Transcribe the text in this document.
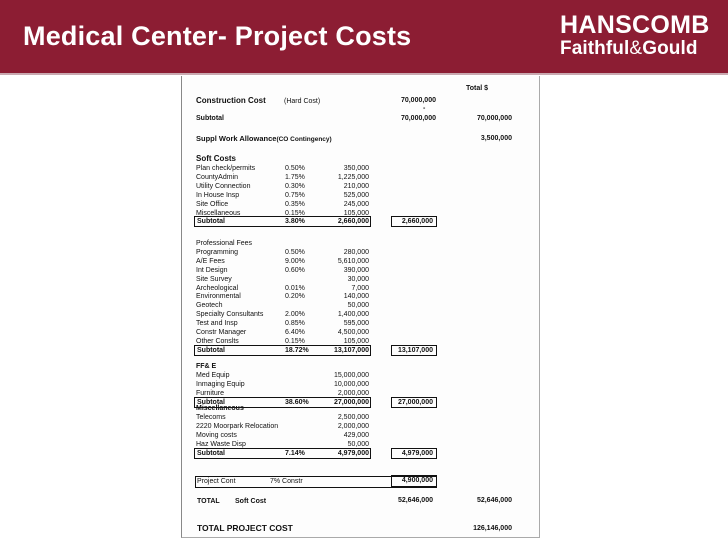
Medical Center- Project Costs	HANSCOMB
Faithful&Gould
Total $
Construction Cost	(Hard Cost)	70,000,000
-
Subtotal	70,000,000	70,000,000
Suppl Work Allowance(CO Contingency)	3,500,000
Soft Costs
Plan check/permits	0.50%	350,000
CountyAdmin	1.75%	1,225,000
Utility Connection	0.30%	210,000
In House Insp	0.75%	525,000
Site Office	0.35%	245,000
Miscellaneous	0.15%	105,000
Subtotal	3.80%	2,660,000	2,660,000
Professional Fees
Programming	0.50%	280,000
A/E Fees	9.00%	5,610,000
Int Design	0.60%	390,000
Site Survey	30,000
Archeological	0.01%	7,000
Environmental	0.20%	140,000
Geotech	50,000
Specialty Consultants	2.00%	1,400,000
Test and Insp	0.85%	595,000
Constr Manager	6.40%	4,500,000
Other Conslts	0.15%	105,000
Subtotal	18.72%	13,107,000	13,107,000
FF& E
Med Equip	15,000,000
Inmaging Equip	10,000,000
Furniture	2,000,000
Subtotal	38.60%	27,000,000	27,000,000
Miscellaneous
Telecoms	2,500,000
2220 Moorpark Relocation	2,000,000
Moving costs	429,000
Haz Waste Disp	50,000
Subtotal	7.14%	4,979,000	4,979,000
Project Cont	7% Constr	4,900,000
TOTAL Soft Cost	52,646,000	52,646,000
TOTAL PROJECT COST	126,146,000
